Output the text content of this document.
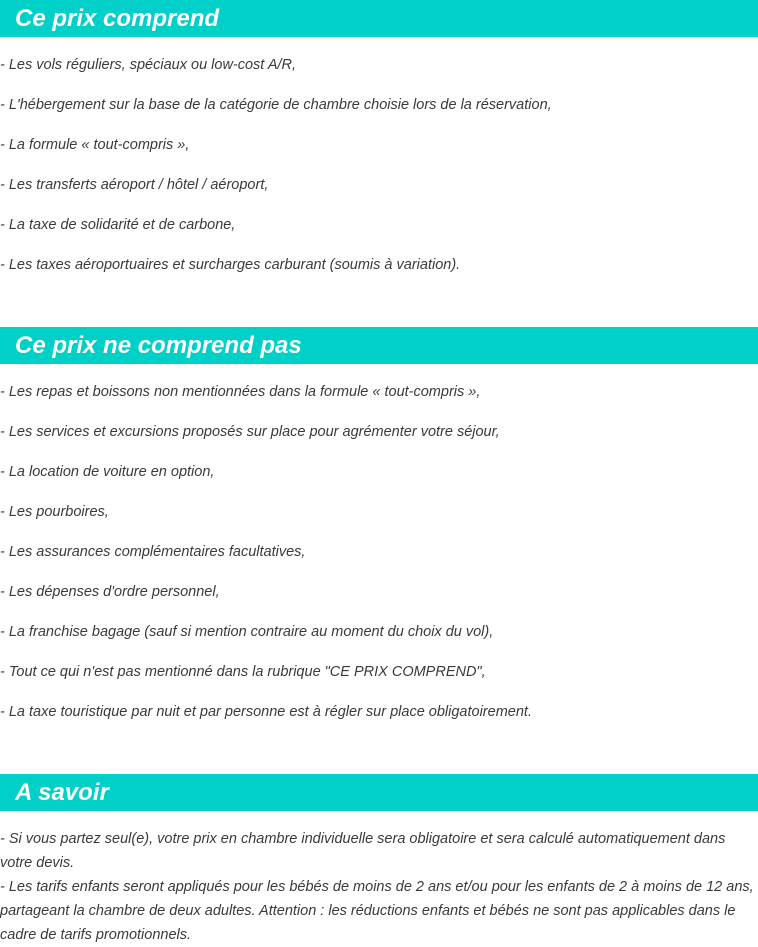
Ce prix comprend
- Les vols réguliers, spéciaux ou low-cost A/R,
- L'hébergement sur la base de la catégorie de chambre choisie lors de la réservation,
- La formule « tout-compris »,
- Les transferts aéroport / hôtel / aéroport,
- La taxe de solidarité et de carbone,
- Les taxes aéroportuaires et surcharges carburant (soumis à variation).
Ce prix ne comprend pas
- Les repas et boissons non mentionnées dans la formule « tout-compris »,
- Les services et excursions proposés sur place pour agrémenter votre séjour,
- La location de voiture en option,
- Les pourboires,
- Les assurances complémentaires facultatives,
- Les dépenses d'ordre personnel,
- La franchise bagage (sauf si mention contraire au moment du choix du vol),
- Tout ce qui n'est pas mentionné dans la rubrique "CE PRIX COMPREND",
- La taxe touristique par nuit et par personne est à régler sur place obligatoirement.
A savoir

- Si vous partez seul(e), votre prix en chambre individuelle sera obligatoire et sera calculé automatiquement dans votre devis.

- Les tarifs enfants seront appliqués pour les bébés de moins de 2 ans et/ou pour les enfants de 2 à moins de 12 ans, partageant la chambre de deux adultes. Attention : les réductions enfants et bébés ne sont pas applicables dans le cadre de tarifs promotionnels.
